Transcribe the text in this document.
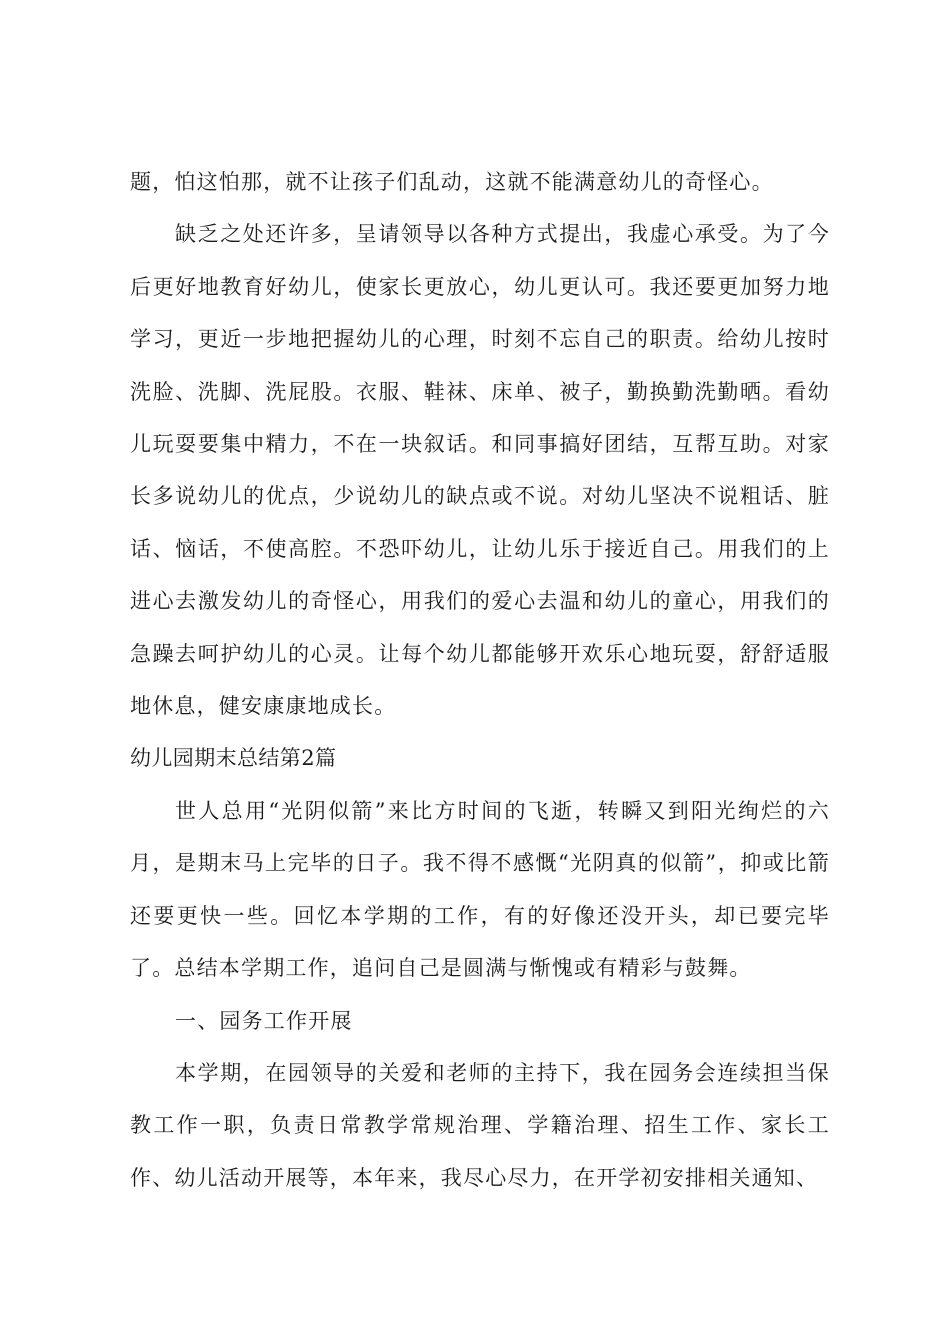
题，怕这怕那，就不让孩子们乱动，这就不能满意幼儿的奇怪心。

缺乏之处还许多，呈请领导以各种方式提出，我虚心承受。为了今后更好地教育好幼儿，使家长更放心，幼儿更认可。我还要更加努力地学习，更近一步地把握幼儿的心理，时刻不忘自己的职责。给幼儿按时洗脸、洗脚、洗屁股。衣服、鞋袜、床单、被子，勤换勤洗勤晒。看幼儿玩耍要集中精力，不在一块叙话。和同事搞好团结，互帮互助。对家长多说幼儿的优点，少说幼儿的缺点或不说。对幼儿坚决不说粗话、脏话、恼话，不使高腔。不恐吓幼儿，让幼儿乐于接近自己。用我们的上进心去激发幼儿的奇怪心，用我们的爱心去温和幼儿的童心，用我们的急躁去呵护幼儿的心灵。让每个幼儿都能够开欢乐心地玩耍，舒舒适服地休息，健安康康地成长。

幼儿园期末总结第2篇

世人总用“光阴似箭”来比方时间的飞逝，转瞬又到阳光绚烂的六月，是期末马上完毕的日子。我不得不感慨“光阴真的似箭”，抑或比箭还要更快一些。回忆本学期的工作，有的好像还没开头，却已要完毕了。总结本学期工作，追问自己是圆满与惭愧或有精彩与鼓舞。

一、园务工作开展

本学期，在园领导的关爱和老师的主持下，我在园务会连续担当保教工作一职，负责日常教学常规治理、学籍治理、招生工作、家长工作、幼儿活动开展等，本年来，我尽心尽力，在开学初安排相关通知、
